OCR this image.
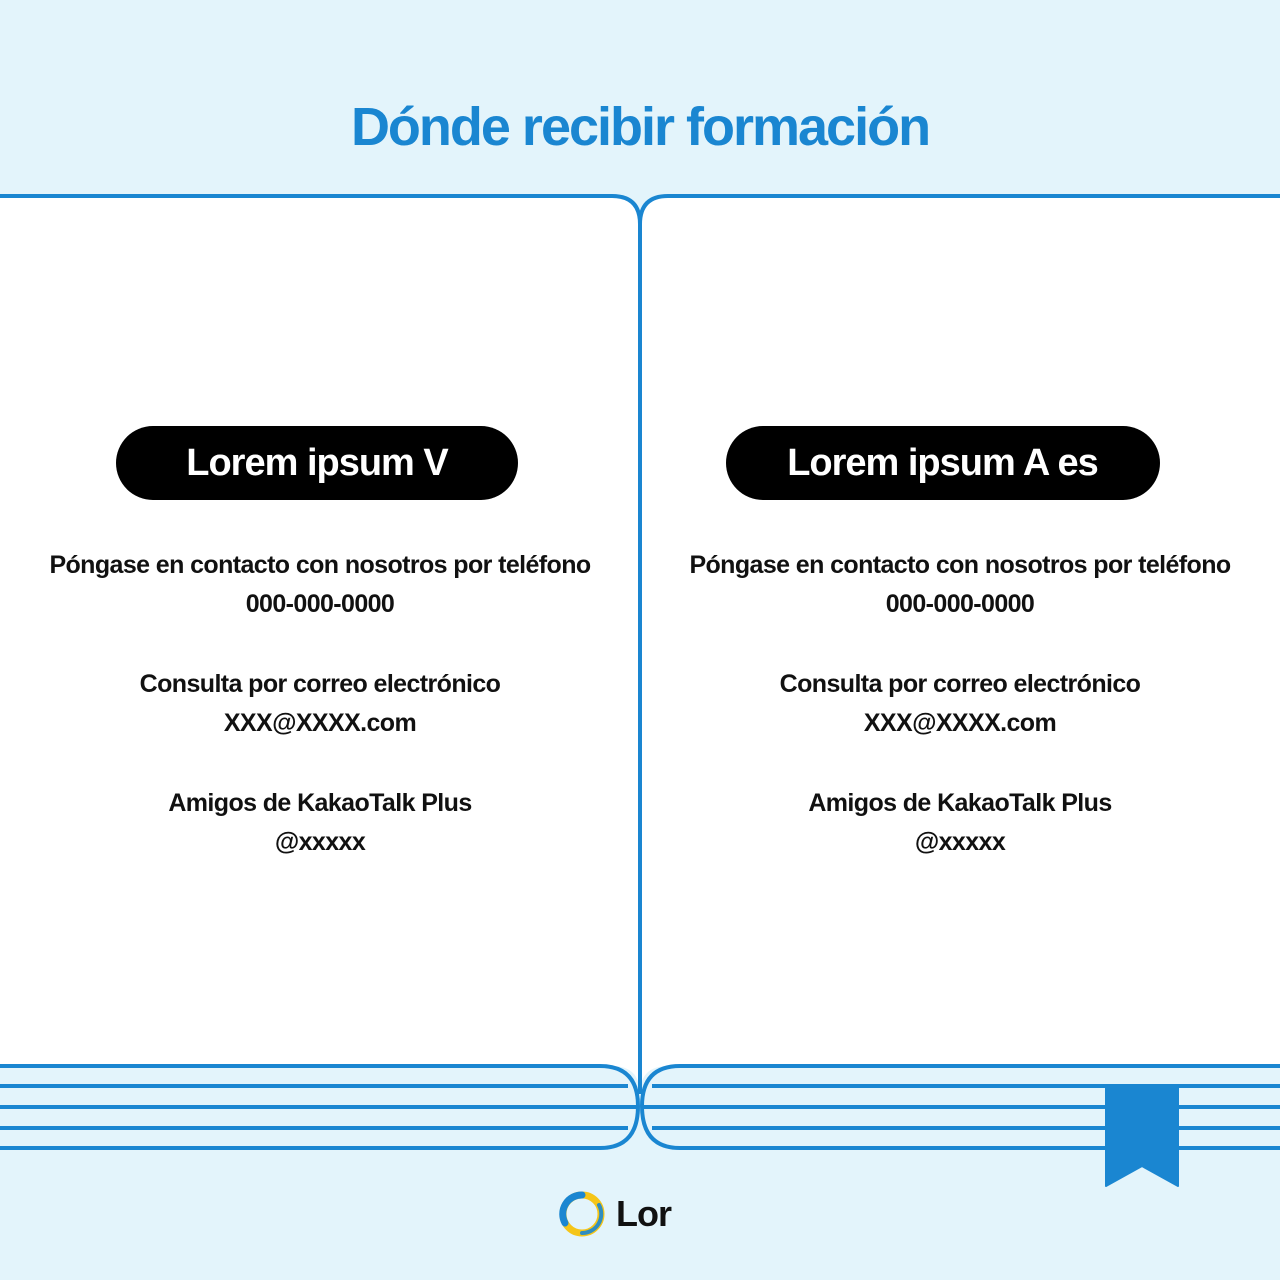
Dónde recibir formación
Lorem ipsum V
Póngase en contacto con nosotros por teléfono
000-000-0000
Consulta por correo electrónico
XXX@XXXX.com
Amigos de KakaoTalk Plus
@xxxxx
Lorem ipsum A es
Póngase en contacto con nosotros por teléfono
000-000-0000
Consulta por correo electrónico
XXX@XXXX.com
Amigos de KakaoTalk Plus
@xxxxx
Lor
